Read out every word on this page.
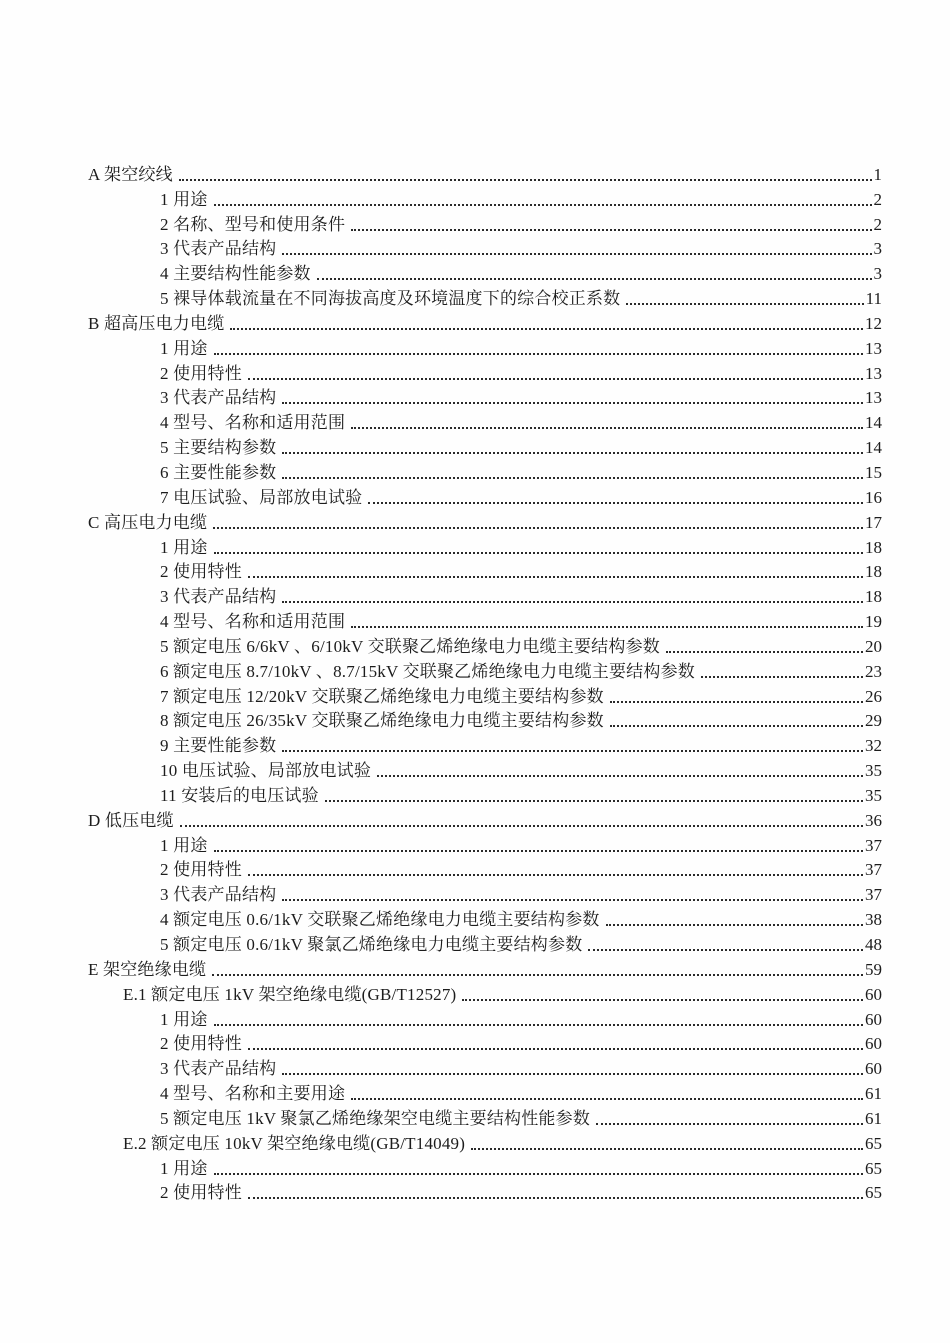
A 架空绞线	1
1 用途	2
2 名称、型号和使用条件	2
3 代表产品结构	3
4 主要结构性能参数	3
5 裸导体载流量在不同海拔高度及环境温度下的综合校正系数	11
B 超高压电力电缆	12
1 用途	13
2 使用特性	13
3 代表产品结构	13
4 型号、名称和适用范围	14
5 主要结构参数	14
6 主要性能参数	15
7 电压试验、局部放电试验	16
C 高压电力电缆	17
1 用途	18
2 使用特性	18
3 代表产品结构	18
4 型号、名称和适用范围	19
5 额定电压 6/6kV 、6/10kV 交联聚乙烯绝缘电力电缆主要结构参数	20
6 额定电压 8.7/10kV 、8.7/15kV 交联聚乙烯绝缘电力电缆主要结构参数	23
7 额定电压 12/20kV 交联聚乙烯绝缘电力电缆主要结构参数	26
8 额定电压 26/35kV 交联聚乙烯绝缘电力电缆主要结构参数	29
9 主要性能参数	32
10 电压试验、局部放电试验	35
11 安装后的电压试验	35
D 低压电缆	36
1 用途	37
2 使用特性	37
3 代表产品结构	37
4 额定电压 0.6/1kV 交联聚乙烯绝缘电力电缆主要结构参数	38
5 额定电压 0.6/1kV 聚氯乙烯绝缘电力电缆主要结构参数	48
E 架空绝缘电缆	59
E.1 额定电压 1kV 架空绝缘电缆(GB/T12527)	60
1 用途	60
2 使用特性	60
3 代表产品结构	60
4 型号、名称和主要用途	61
5 额定电压 1kV 聚氯乙烯绝缘架空电缆主要结构性能参数	61
E.2 额定电压 10kV 架空绝缘电缆(GB/T14049)	65
1 用途	65
2 使用特性	65
